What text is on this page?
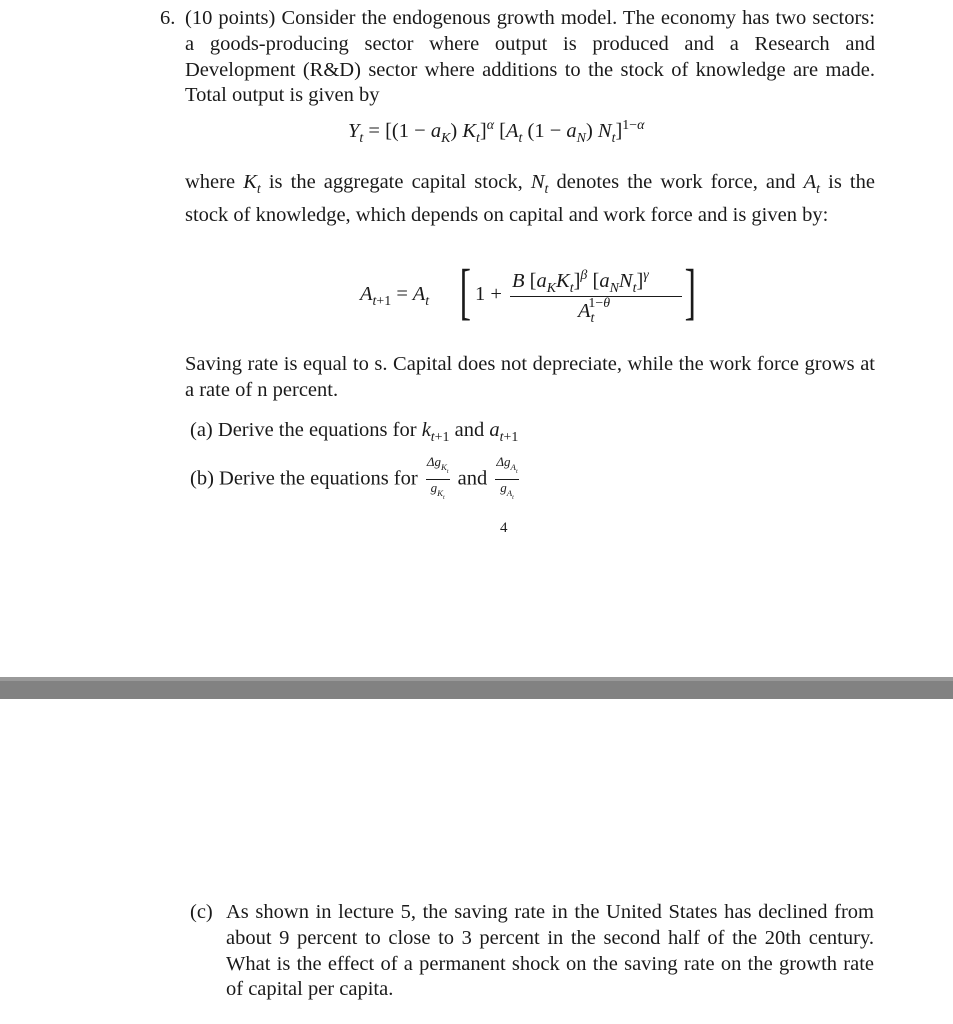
6. (10 points) Consider the endogenous growth model. The economy has two sectors: a goods-producing sector where output is produced and a Research and Development (R&D) sector where additions to the stock of knowledge are made. Total output is given by
$Y_t = [(1 - a_K)$ $K_t]^\alpha$ [$A_t$ $(1 - a_N)$ $N_t]^{1-\alpha}$
where $K_t$ is the aggregate capital stock, $N_t$ denotes the work force, and $A_t$ is the stock of knowledge, which depends on capital and work force and is given by:
$A_{t+1} = A_t$ [ 1 +
B $[a_KK_t]^\beta$ $[a_NN_t]^\gamma$
$A_t^{1-\theta}$ ]
Saving rate is equal to s. Capital does not depreciate, while the work force grows at a rate of n percent.
(a) Derive the equations for $k_{t+1}$ and $a_{t+1}$
(b) Derive the equations for $\frac{\Delta g_{K_t}}{g_{K_t}}$ and $\frac{\Delta g_{A_t}}{g_{A_t}}$
4
(c) As shown in lecture 5, the saving rate in the United States has declined from about 9 percent to close to 3 percent in the second half of the 20th century. What is the effect of a permanent shock on the saving rate on the growth rate of capital per capita.
